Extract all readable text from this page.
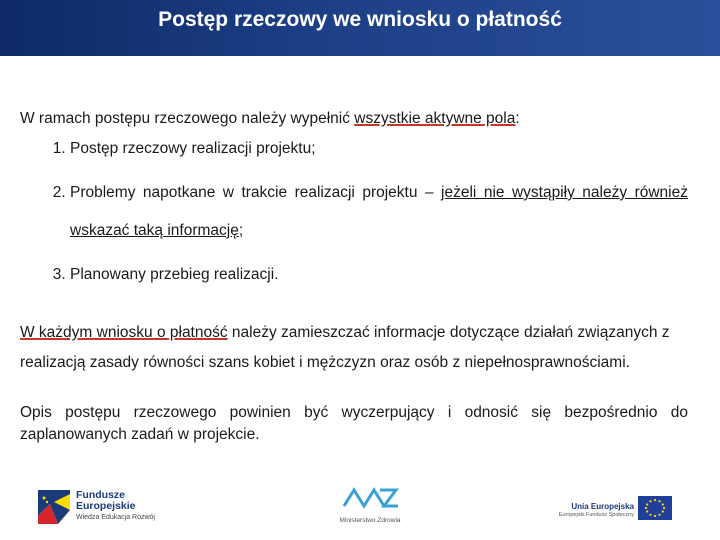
Postęp rzeczowy we wniosku o płatność

W ramach postępu rzeczowego należy wypełnić wszystkie aktywne pola:

1. Postęp rzeczowy realizacji projektu;
2. Problemy napotkane w trakcie realizacji projektu – jeżeli nie wystąpiły należy również wskazać taką informację;
3. Planowany przebieg realizacji.

W każdym wniosku o płatność należy zamieszczać informacje dotyczące działań związanych z realizacją zasady równości szans kobiet i mężczyzn oraz osób z niepełnosprawnościami.

Opis postępu rzeczowego powinien być wyczerpujący i odnosić się bezpośrednio do zaplanowanych zadań w projekcie.

Fundusze
Europejskie
Wiedza Edukacja Rozwój	Ministerstwo Zdrowia
Unia Europejska
Europejski Fundusz Społeczny
